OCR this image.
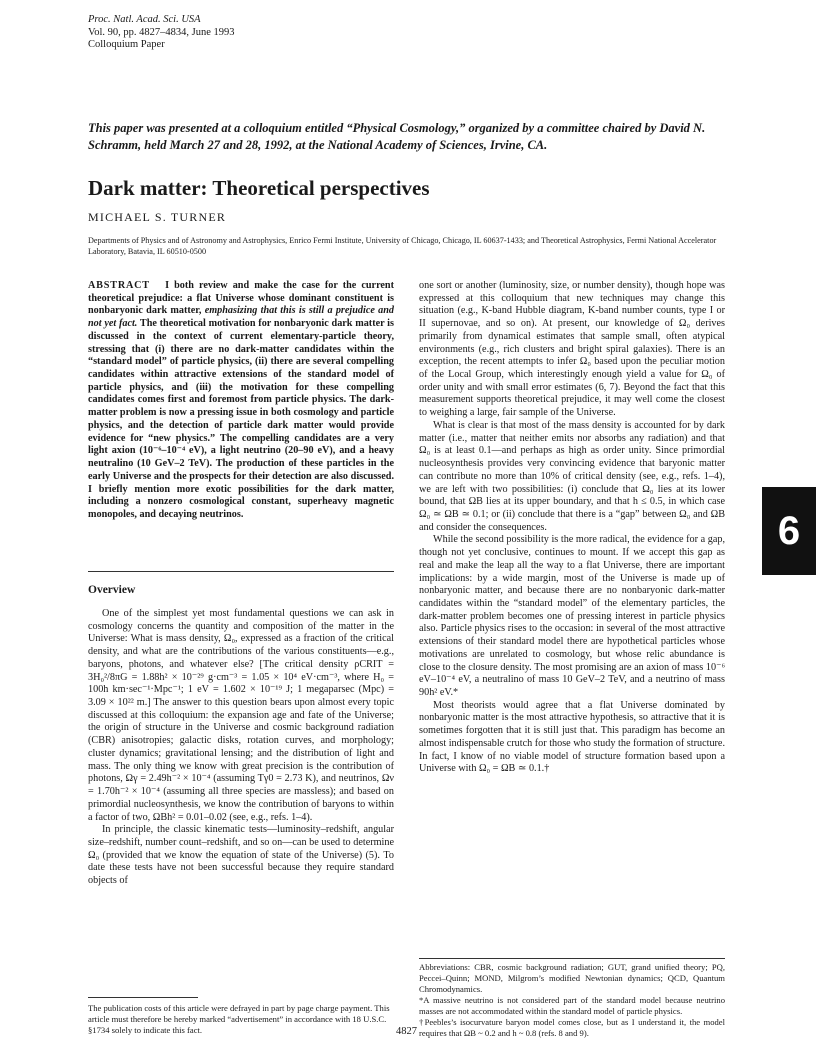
Proc. Natl. Acad. Sci. USA
Vol. 90, pp. 4827–4834, June 1993
Colloquium Paper
This paper was presented at a colloquium entitled “Physical Cosmology,” organized by a committee chaired by David N. Schramm, held March 27 and 28, 1992, at the National Academy of Sciences, Irvine, CA.
Dark matter: Theoretical perspectives
MICHAEL S. TURNER
Departments of Physics and of Astronomy and Astrophysics, Enrico Fermi Institute, University of Chicago, Chicago, IL 60637-1433; and Theoretical Astrophysics, Fermi National Accelerator Laboratory, Batavia, IL 60510-0500

ABSTRACT I both review and make the case for the current theoretical prejudice: a flat Universe whose dominant constituent is nonbaryonic dark matter, emphasizing that this is still a prejudice and not yet fact. The theoretical motivation for nonbaryonic dark matter is discussed in the context of current elementary-particle theory, stressing that (i) there are no dark-matter candidates within the “standard model” of particle physics, (ii) there are several compelling candidates within attractive extensions of the standard model of particle physics, and (iii) the motivation for these compelling candidates comes first and foremost from particle physics. The dark-matter problem is now a pressing issue in both cosmology and particle physics, and the detection of particle dark matter would provide evidence for “new physics.” The compelling candidates are a very light axion (10⁻⁶–10⁻⁴ eV), a light neutrino (20–90 eV), and a heavy neutralino (10 GeV–2 TeV). The production of these particles in the early Universe and the prospects for their detection are also discussed. I briefly mention more exotic possibilities for the dark matter, including a nonzero cosmological constant, superheavy magnetic monopoles, and decaying neutrinos.

Overview

One of the simplest yet most fundamental questions we can ask in cosmology concerns the quantity and composition of the matter in the Universe: What is mass density, Ω₀, expressed as a fraction of the critical density, and what are the contributions of the various constituents—e.g., baryons, photons, and whatever else? [The critical density ρCRIT = 3H₀²/8πG = 1.88h² × 10⁻²⁹ g·cm⁻³ = 1.05 × 10⁴ eV·cm⁻³, where H₀ = 100h km·sec⁻¹·Mpc⁻¹; 1 eV = 1.602 × 10⁻¹⁹ J; 1 megaparsec (Mpc) = 3.09 × 10²² m.] The answer to this question bears upon almost every topic discussed at this colloquium: the expansion age and fate of the Universe; the origin of structure in the Universe and cosmic background radiation (CBR) anisotropies; galactic disks, rotation curves, and morphology; cluster dynamics; gravitational lensing; and the distribution of light and mass. The only thing we know with great precision is the contribution of photons, Ωγ = 2.49h⁻² × 10⁻⁴ (assuming Tγ0 = 2.73 K), and neutrinos, Ων = 1.70h⁻² × 10⁻⁴ (assuming all three species are massless); and based on primordial nucleosynthesis, we know the contribution of baryons to within a factor of two, ΩBh² = 0.01–0.02 (see, e.g., refs. 1–4).

In principle, the classic kinematic tests—luminosity–redshift, angular size–redshift, number count–redshift, and so on—can be used to determine Ω₀ (provided that we know the equation of state of the Universe) (5). To date these tests have not been successful because they require standard objects of

The publication costs of this article were defrayed in part by page charge payment. This article must therefore be hereby marked “advertisement” in accordance with 18 U.S.C. §1734 solely to indicate this fact.

one sort or another (luminosity, size, or number density), though hope was expressed at this colloquium that new techniques may change this situation (e.g., K-band Hubble diagram, K-band number counts, type I or II supernovae, and so on). At present, our knowledge of Ω₀ derives primarily from dynamical estimates that sample small, often atypical environments (e.g., rich clusters and bright spiral galaxies). There is an exception, the recent attempts to infer Ω₀ based upon the peculiar motion of the Local Group, which interestingly enough yield a value for Ω₀ of order unity and with small error estimates (6, 7). Beyond the fact that this measurement supports theoretical prejudice, it may well come the closest to weighing a large, fair sample of the Universe.

What is clear is that most of the mass density is accounted for by dark matter (i.e., matter that neither emits nor absorbs any radiation) and that Ω₀ is at least 0.1—and perhaps as high as order unity. Since primordial nucleosynthesis provides very convincing evidence that baryonic matter can contribute no more than 10% of critical density (see, e.g., refs. 1–4), we are left with two possibilities: (i) conclude that Ω₀ lies at its lower bound, that ΩB lies at its upper boundary, and that h ≤ 0.5, in which case Ω₀ ≃ ΩB ≃ 0.1; or (ii) conclude that there is a “gap” between Ω₀ and ΩB and consider the consequences.

While the second possibility is the more radical, the evidence for a gap, though not yet conclusive, continues to mount. If we accept this gap as real and make the leap all the way to a flat Universe, there are important implications: by a wide margin, most of the Universe is made up of nonbaryonic matter, and because there are no nonbaryonic dark-matter candidates within the “standard model” of the elementary particles, the dark-matter problem becomes one of pressing interest in particle physics also. Particle physics rises to the occasion: in several of the most attractive extensions of their standard model there are hypothetical particles whose motivations are unrelated to cosmology, but whose relic abundance is close to the closure density. The most promising are an axion of mass 10⁻⁶ eV–10⁻⁴ eV, a neutralino of mass 10 GeV–2 TeV, and a neutrino of mass 90h² eV.*

Most theorists would agree that a flat Universe dominated by nonbaryonic matter is the most attractive hypothesis, so attractive that it is sometimes forgotten that it is still just that. This paradigm has become an almost indispensable crutch for those who study the formation of structure. In fact, I know of no viable model of structure formation based upon a Universe with Ω₀ = ΩB ≃ 0.1.†

Abbreviations: CBR, cosmic background radiation; GUT, grand unified theory; PQ, Peccei–Quinn; MOND, Milgrom’s modified Newtonian dynamics; QCD, Quantum Chromodynamics.

*A massive neutrino is not considered part of the standard model because neutrino masses are not accommodated within the standard model of particle physics.

†Peebles’s isocurvature baryon model comes close, but as I understand it, the model requires that ΩB ~ 0.2 and h ~ 0.8 (refs. 8 and 9).

4827
6
